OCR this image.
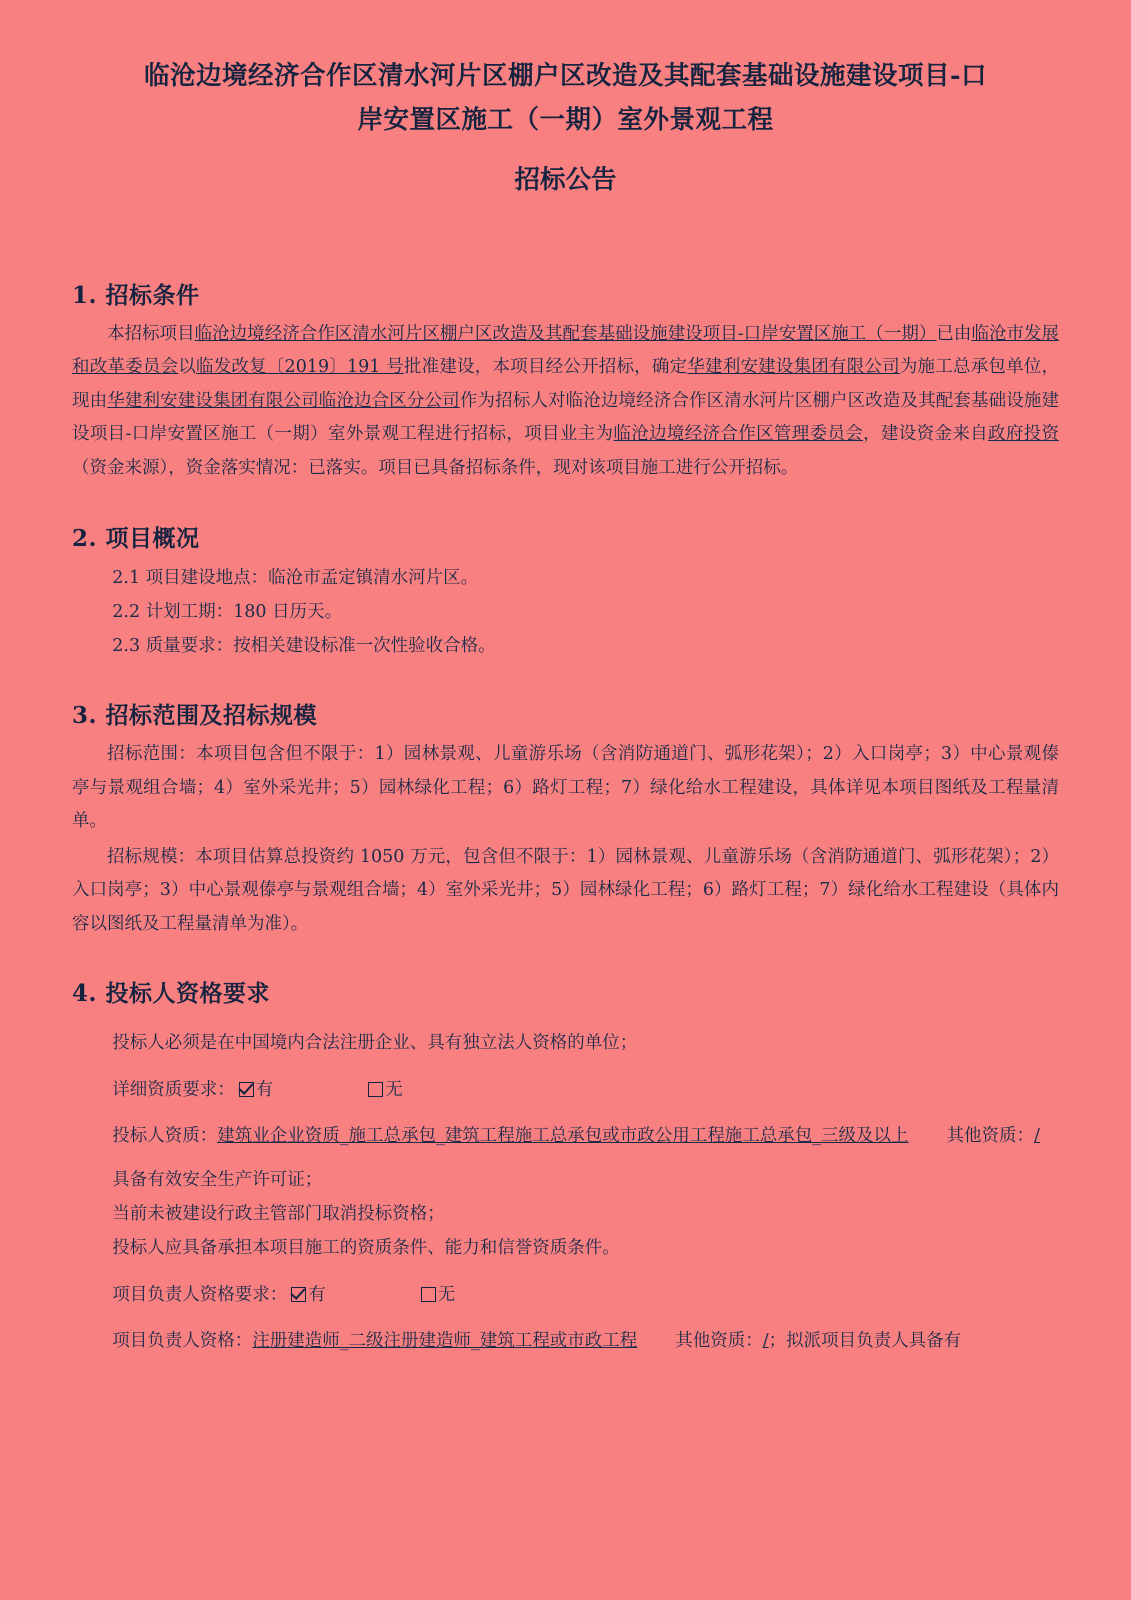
临沧边境经济合作区清水河片区棚户区改造及其配套基础设施建设项目-口
岸安置区施工（一期）室外景观工程
招标公告
1. 招标条件

本招标项目临沧边境经济合作区清水河片区棚户区改造及其配套基础设施建设项目-口岸安置区施工（一期）已由临沧市发展和改革委员会以临发改复〔2019〕191 号批准建设，本项目经公开招标，确定华建利安建设集团有限公司为施工总承包单位，现由华建利安建设集团有限公司临沧边合区分公司作为招标人对临沧边境经济合作区清水河片区棚户区改造及其配套基础设施建设项目-口岸安置区施工（一期）室外景观工程进行招标，项目业主为临沧边境经济合作区管理委员会，建设资金来自政府投资（资金来源），资金落实情况：已落实。项目已具备招标条件，现对该项目施工进行公开招标。

2. 项目概况

2.1 项目建设地点：临沧市孟定镇清水河片区。

2.2 计划工期：180 日历天。

2.3 质量要求：按相关建设标准一次性验收合格。

3. 招标范围及招标规模

招标范围：本项目包含但不限于：1）园林景观、儿童游乐场（含消防通道门、弧形花架）；2）入口岗亭；3）中心景观傣亭与景观组合墙；4）室外采光井；5）园林绿化工程；6）路灯工程；7）绿化给水工程建设，具体详见本项目图纸及工程量清单。

招标规模：本项目估算总投资约 1050 万元，包含但不限于：1）园林景观、儿童游乐场（含消防通道门、弧形花架）；2）入口岗亭；3）中心景观傣亭与景观组合墙；4）室外采光井；5）园林绿化工程；6）路灯工程；7）绿化给水工程建设（具体内容以图纸及工程量清单为准）。

4. 投标人资格要求

投标人必须是在中国境内合法注册企业、具有独立法人资格的单位；

详细资质要求： 有	无

投标人资质：建筑业企业资质_施工总承包_建筑工程施工总承包或市政公用工程施工总承包_三级及以上 其他资质：/

具备有效安全生产许可证；

当前未被建设行政主管部门取消投标资格；

投标人应具备承担本项目施工的资质条件、能力和信誉资质条件。

项目负责人资格要求： 有	无

项目负责人资格：注册建造师_二级注册建造师_建筑工程或市政工程 其他资质：/；拟派项目负责人具备有
